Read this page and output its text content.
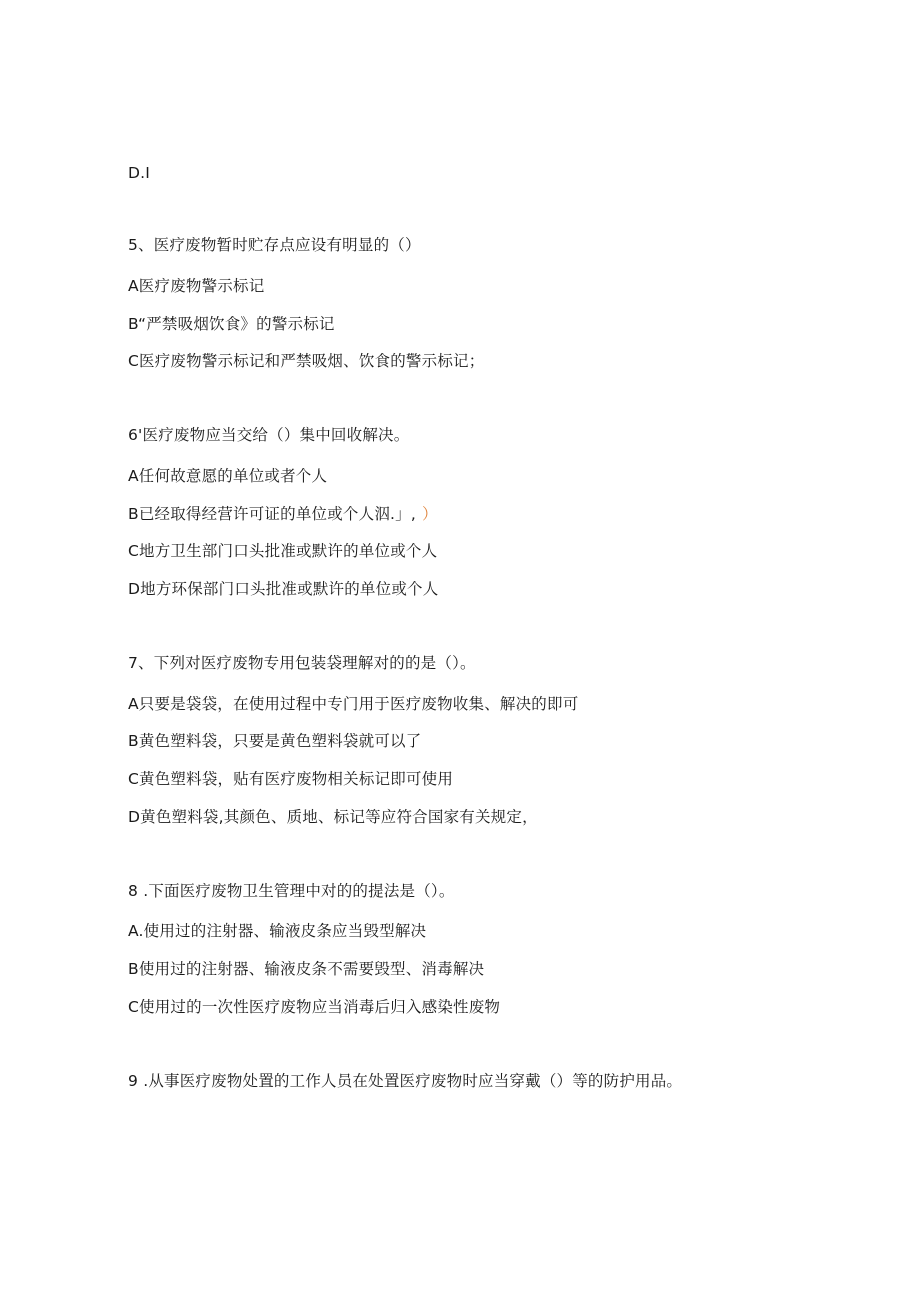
D.I
5、医疗废物暂时贮存点应设有明显的（）
A医疗废物警示标记
B“严禁吸烟饮食》的警示标记
C医疗废物警示标记和严禁吸烟、饮食的警示标记；
6'医疗废物应当交给（）集中回收解决。
A任何故意愿的单位或者个人
B已经取得经营许可证的单位或个人泅.」, ）
C地方卫生部门口头批准或默许的单位或个人
D地方环保部门口头批准或默许的单位或个人
7、下列对医疗废物专用包装袋理解对的的是（）。
A只要是袋袋，在使用过程中专门用于医疗废物收集、解决的即可
B黄色塑料袋，只要是黄色塑料袋就可以了
C黄色塑料袋，贴有医疗废物相关标记即可使用
D黄色塑料袋,其颜色、质地、标记等应符合国家有关规定，
8 .下面医疗废物卫生管理中对的的提法是（）。
A.使用过的注射器、输液皮条应当毁型解决
B使用过的注射器、输液皮条不需要毁型、消毒解决
C使用过的一次性医疗废物应当消毒后归入感染性废物
9 .从事医疗废物处置的工作人员在处置医疗废物时应当穿戴（）等的防护用品。
